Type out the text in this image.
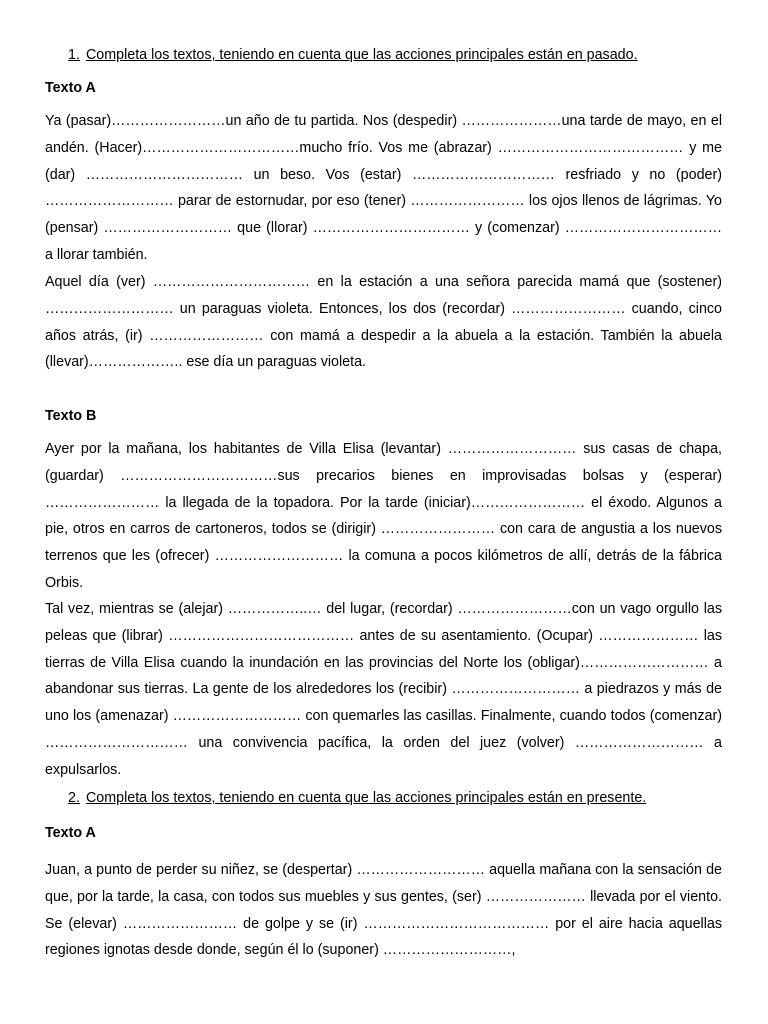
1. Completa los textos, teniendo en cuenta que las acciones principales están en pasado.
Texto A

Ya (pasar)……………………un año de tu partida. Nos (despedir) …………………una tarde de mayo, en el andén. (Hacer)……………………………mucho frío. Vos me (abrazar) ………………………………… y me (dar) …………………………… un beso. Vos (estar) ………………………… resfriado y no (poder) ……………………… parar de estornudar, por eso (tener) …………………… los ojos llenos de lágrimas. Yo (pensar) ……………………… que (llorar) …………………………… y (comenzar) …………………………… a llorar también.

Aquel día (ver) …………………………… en la estación a una señora parecida mamá que (sostener) ……………………… un paraguas violeta. Entonces, los dos (recordar) …………………… cuando, cinco años atrás, (ir) …………………… con mamá a despedir a la abuela a la estación. También la abuela (llevar)……………….. ese día un paraguas violeta.

Texto B

Ayer por la mañana, los habitantes de Villa Elisa (levantar) ……………………… sus casas de chapa, (guardar) ……………………………sus precarios bienes en improvisadas bolsas y (esperar) …………………… la llegada de la topadora. Por la tarde (iniciar)…………………… el éxodo. Algunos a pie, otros en carros de cartoneros, todos se (dirigir) …………………… con cara de angustia a los nuevos terrenos que les (ofrecer) ……………………… la comuna a pocos kilómetros de allí, detrás de la fábrica Orbis.

Tal vez, mientras se (alejar) ……………..… del lugar, (recordar) ……………………con un vago orgullo las peleas que (librar) ………………………………… antes de su asentamiento. (Ocupar) ………………… las tierras de Villa Elisa cuando la inundación en las provincias del Norte los (obligar)……………………… a abandonar sus tierras. La gente de los alrededores los (recibir) ……………………… a piedrazos y más de uno los (amenazar) ……………………… con quemarles las casillas. Finalmente, cuando todos (comenzar) ………………………… una convivencia pacífica, la orden del juez (volver) ……………………… a expulsarlos.

2. Completa los textos, teniendo en cuenta que las acciones principales están en presente.
Texto A

Juan, a punto de perder su niñez, se (despertar) ……………………… aquella mañana con la sensación de que, por la tarde, la casa, con todos sus muebles y sus gentes, (ser) ………………… llevada por el viento. Se (elevar) …………………… de golpe y se (ir) ………………………………… por el aire hacia aquellas regiones ignotas desde donde, según él lo (suponer) ………………………,
